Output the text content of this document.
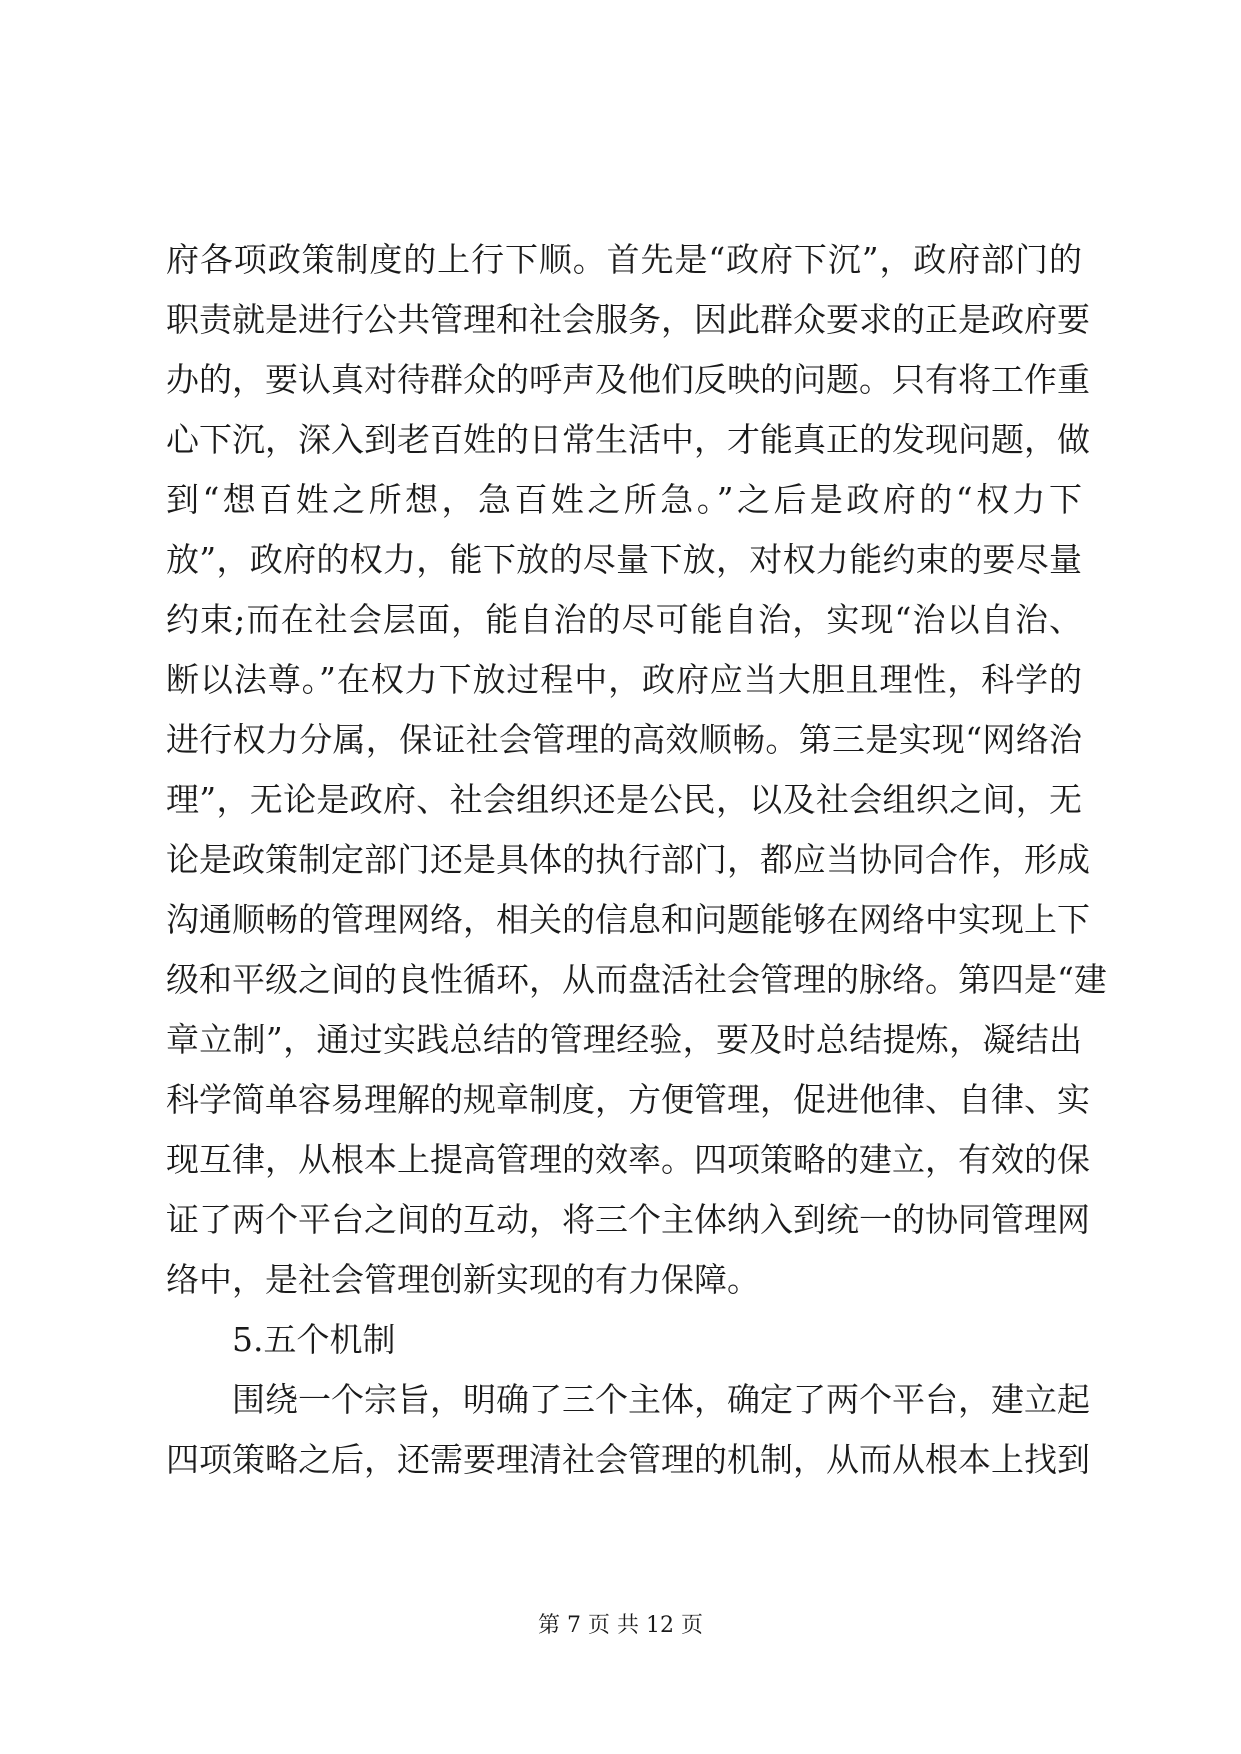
府各项政策制度的上行下顺。首先是“政府下沉”，政府部门的
职责就是进行公共管理和社会服务，因此群众要求的正是政府要
办的，要认真对待群众的呼声及他们反映的问题。只有将工作重
心下沉，深入到老百姓的日常生活中，才能真正的发现问题，做
到“想百姓之所想，急百姓之所急。”之后是政府的“权力下
放”，政府的权力，能下放的尽量下放，对权力能约束的要尽量
约束;而在社会层面，能自治的尽可能自治，实现“治以自治、
断以法尊。”在权力下放过程中，政府应当大胆且理性，科学的
进行权力分属，保证社会管理的高效顺畅。第三是实现“网络治
理”，无论是政府、社会组织还是公民，以及社会组织之间，无
论是政策制定部门还是具体的执行部门，都应当协同合作，形成
沟通顺畅的管理网络，相关的信息和问题能够在网络中实现上下
级和平级之间的良性循环，从而盘活社会管理的脉络。第四是“建
章立制”，通过实践总结的管理经验，要及时总结提炼，凝结出
科学简单容易理解的规章制度，方便管理，促进他律、自律、实
现互律，从根本上提高管理的效率。四项策略的建立，有效的保
证了两个平台之间的互动，将三个主体纳入到统一的协同管理网
络中，是社会管理创新实现的有力保障。
5.五个机制
围绕一个宗旨，明确了三个主体，确定了两个平台，建立起
四项策略之后，还需要理清社会管理的机制，从而从根本上找到
第 7 页 共 12 页
